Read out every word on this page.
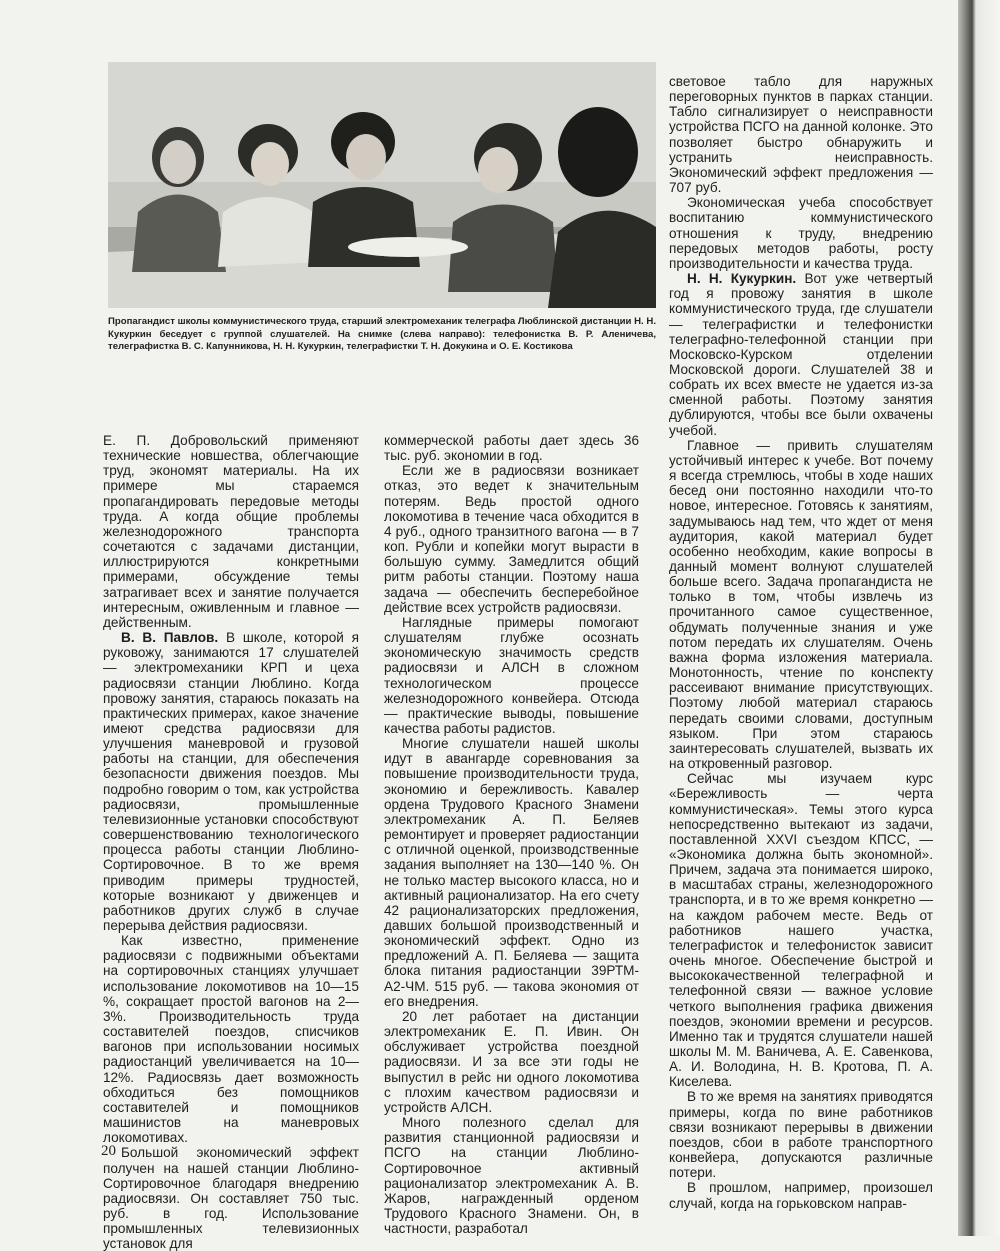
Пропагандист школы коммунистического труда, старший электромеханик телеграфа Люблинской дистанции Н. Н. Кукуркин беседует с группой слушателей. На снимке (слева направо): телефонистка В. Р. Аленичева, телеграфистка В. С. Капунникова, Н. Н. Кукуркин, телеграфистки Т. Н. Докукина и О. Е. Костикова

Е. П. Добровольский применяют технические новшества, облегчающие труд, экономят материалы. На их примере мы стараемся пропагандировать передовые методы труда. А когда общие проблемы железнодорожного транспорта сочетаются с задачами дистанции, иллюстрируются конкретными примерами, обсуждение темы затрагивает всех и занятие получается интересным, оживленным и главное — действенным.

В. В. Павлов. В школе, которой я руковожу, занимаются 17 слушателей — электромеханики КРП и цеха радиосвязи станции Люблино. Когда провожу занятия, стараюсь показать на практических примерах, какое значение имеют средства радиосвязи для улучшения маневровой и грузовой работы на станции, для обеспечения безопасности движения поездов. Мы подробно говорим о том, как устройства радиосвязи, промышленные телевизионные установки способствуют совершенствованию технологического процесса работы станции Люблино-Сортировочное. В то же время приводим примеры трудностей, которые возникают у движенцев и работников других служб в случае перерыва действия радиосвязи.

Как известно, применение радиосвязи с подвижными объектами на сортировочных станциях улучшает использование локомотивов на 10—15 %, сокращает простой вагонов на 2—3%. Производительность труда составителей поездов, списчиков вагонов при использовании носимых радиостанций увеличивается на 10—12%. Радиосвязь дает возможность обходиться без помощников составителей и помощников машинистов на маневровых локомотивах.

Большой экономический эффект получен на нашей станции Люблино-Сортировочное благодаря внедрению радиосвязи. Он составляет 750 тыс. руб. в год. Использование промышленных телевизионных установок для

коммерческой работы дает здесь 36 тыс. руб. экономии в год.

Если же в радиосвязи возникает отказ, это ведет к значительным потерям. Ведь простой одного локомотива в течение часа обходится в 4 руб., одного транзитного вагона — в 7 коп. Рубли и копейки могут вырасти в большую сумму. Замедлится общий ритм работы станции. Поэтому наша задача — обеспечить бесперебойное действие всех устройств радиосвязи.

Наглядные примеры помогают слушателям глубже осознать экономическую значимость средств радиосвязи и АЛСН в сложном технологическом процессе железнодорожного конвейера. Отсюда — практические выводы, повышение качества работы радистов.

Многие слушатели нашей школы идут в авангарде соревнования за повышение производительности труда, экономию и бережливость. Кавалер ордена Трудового Красного Знамени электромеханик А. П. Беляев ремонтирует и проверяет радиостанции с отличной оценкой, производственные задания выполняет на 130—140 %. Он не только мастер высокого класса, но и активный рационализатор. На его счету 42 рационализаторских предложения, давших большой производственный и экономический эффект. Одно из предложений А. П. Беляева — защита блока питания радиостанции 39РТМ-А2-ЧМ. 515 руб. — такова экономия от его внедрения.

20 лет работает на дистанции электромеханик Е. П. Ивин. Он обслуживает устройства поездной радиосвязи. И за все эти годы не выпустил в рейс ни одного локомотива с плохим качеством радиосвязи и устройств АЛСН.

Много полезного сделал для развития станционной радиосвязи и ПСГО на станции Люблино-Сортировочное активный рационализатор электромеханик А. В. Жаров, награжденный орденом Трудового Красного Знамени. Он, в частности, разработал

световое табло для наружных переговорных пунктов в парках станции. Табло сигнализирует о неисправности устройства ПСГО на данной колонке. Это позволяет быстро обнаружить и устранить неисправность. Экономический эффект предложения — 707 руб.

Экономическая учеба способствует воспитанию коммунистического отношения к труду, внедрению передовых методов работы, росту производительности и качества труда.

Н. Н. Кукуркин. Вот уже четвертый год я провожу занятия в школе коммунистического труда, где слушатели — телеграфистки и телефонистки телеграфно-телефонной станции при Московско-Курском отделении Московской дороги. Слушателей 38 и собрать их всех вместе не удается из-за сменной работы. Поэтому занятия дублируются, чтобы все были охвачены учебой.

Главное — привить слушателям устойчивый интерес к учебе. Вот почему я всегда стремлюсь, чтобы в ходе наших бесед они постоянно находили что-то новое, интересное. Готовясь к занятиям, задумываюсь над тем, что ждет от меня аудитория, какой материал будет особенно необходим, какие вопросы в данный момент волнуют слушателей больше всего. Задача пропагандиста не только в том, чтобы извлечь из прочитанного самое существенное, обдумать полученные знания и уже потом передать их слушателям. Очень важна форма изложения материала. Монотонность, чтение по конспекту рассеивают внимание присутствующих. Поэтому любой материал стараюсь передать своими словами, доступным языком. При этом стараюсь заинтересовать слушателей, вызвать их на откровенный разговор.

Сейчас мы изучаем курс «Бережливость — черта коммунистическая». Темы этого курса непосредственно вытекают из задачи, поставленной XXVI съездом КПСС, — «Экономика должна быть экономной». Причем, задача эта понимается широко, в масштабах страны, железнодорожного транспорта, и в то же время конкретно — на каждом рабочем месте. Ведь от работников нашего участка, телеграфисток и телефонисток зависит очень многое. Обеспечение быстрой и высококачественной телеграфной и телефонной связи — важное условие четкого выполнения графика движения поездов, экономии времени и ресурсов. Именно так и трудятся слушатели нашей школы М. М. Ваничева, А. Е. Савенкова, А. И. Володина, Н. В. Кротова, П. А. Киселева.

В то же время на занятиях приводятся примеры, когда по вине работников связи возникают перерывы в движении поездов, сбои в работе транспортного конвейера, допускаются различные потери.

В прошлом, например, произошел случай, когда на горьковском направ-

20
